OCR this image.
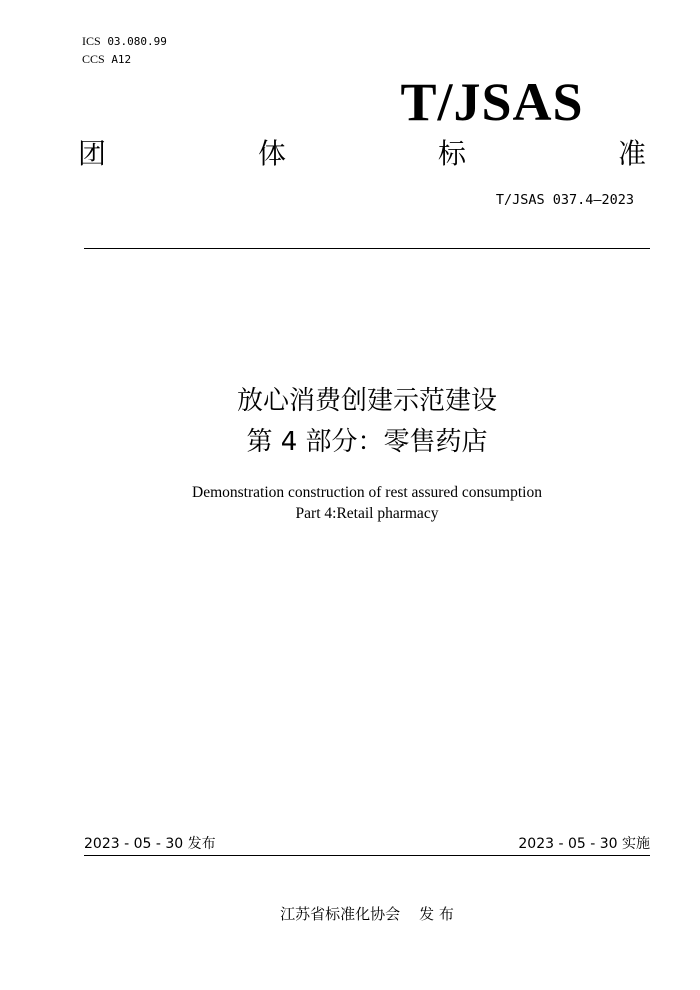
ICS 03.080.99
CCS A12
T/JSAS
团	体	标	准
T/JSAS 037.4—2023
放心消费创建示范建设
第 4 部分：零售药店
Demonstration construction of rest assured consumption
Part 4:Retail pharmacy
2023 - 05 - 30 发布	2023 - 05 - 30 实施
江苏省标准化协会    发 布
